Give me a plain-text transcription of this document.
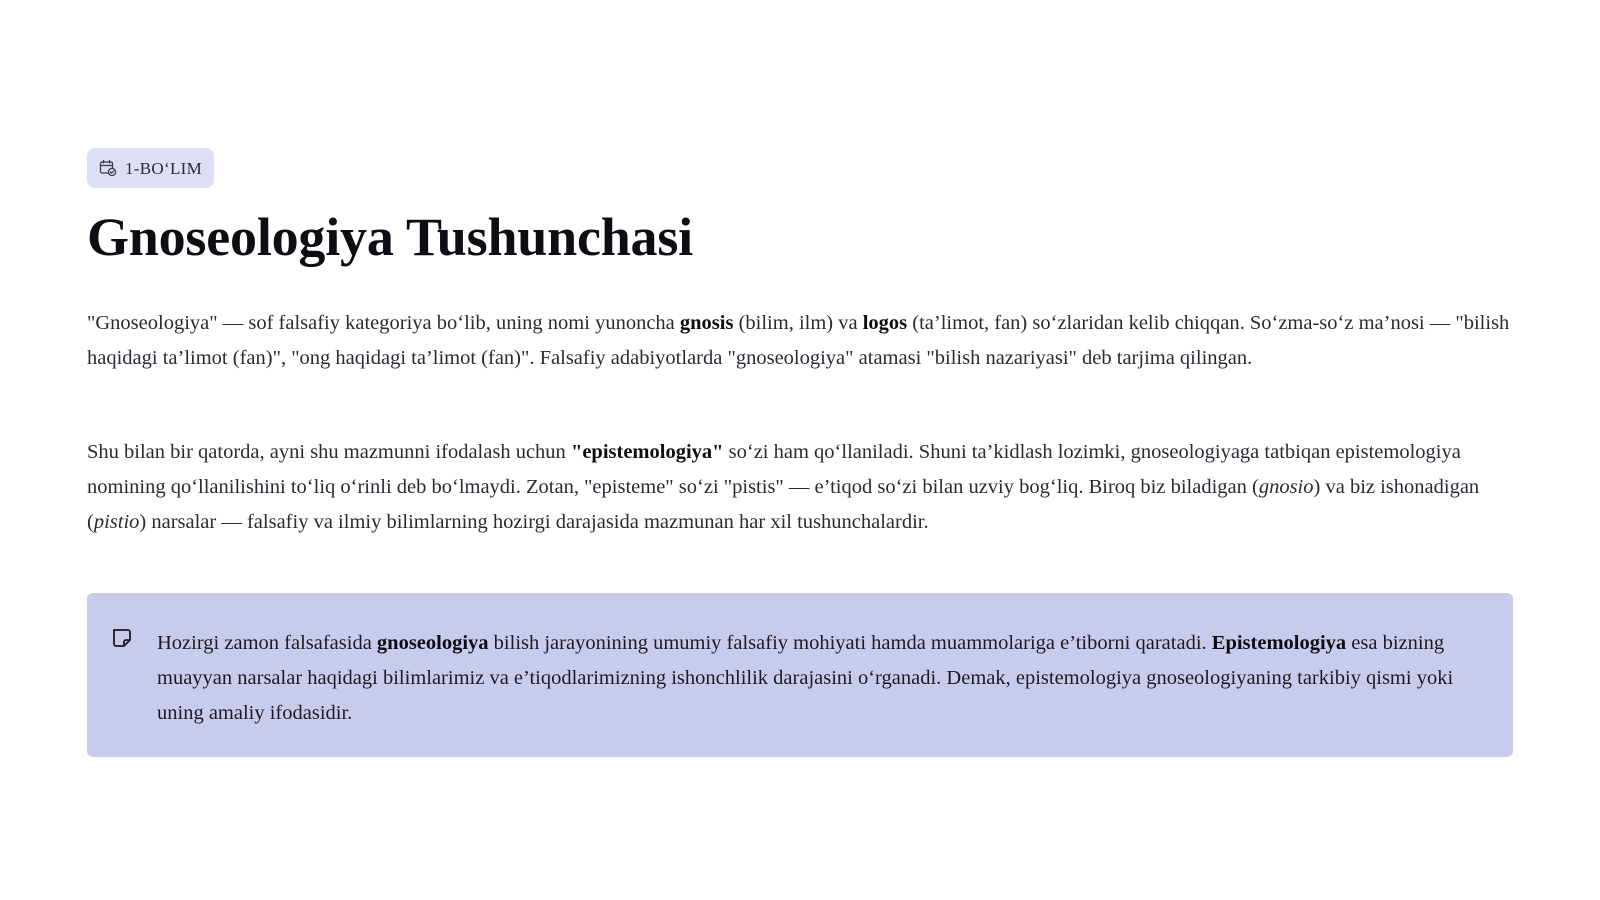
1-BO‘LIM
Gnoseologiya Tushunchasi

"Gnoseologiya" — sof falsafiy kategoriya bo‘lib, uning nomi yunoncha gnosis (bilim, ilm) va logos (ta’limot, fan) so‘zlaridan kelib chiqqan. So‘zma-so‘z ma’nosi — "bilish haqidagi ta’limot (fan)", "ong haqidagi ta’limot (fan)". Falsafiy adabiyotlarda "gnoseologiya" atamasi "bilish nazariyasi" deb tarjima qilingan.

Shu bilan bir qatorda, ayni shu mazmunni ifodalash uchun "epistemologiya" so‘zi ham qo‘llaniladi. Shuni ta’kidlash lozimki, gnoseologiyaga tatbiqan epistemologiya nomining qo‘llanilishini to‘liq o‘rinli deb bo‘lmaydi. Zotan, "episteme" so‘zi "pistis" — e’tiqod so‘zi bilan uzviy bog‘liq. Biroq biz biladigan (gnosio) va biz ishonadigan (pistio) narsalar — falsafiy va ilmiy bilimlarning hozirgi darajasida mazmunan har xil tushunchalardir.

Hozirgi zamon falsafasida gnoseologiya bilish jarayonining umumiy falsafiy mohiyati hamda muammolariga e’tiborni qaratadi. Epistemologiya esa bizning muayyan narsalar haqidagi bilimlarimiz va e’tiqodlarimizning ishonchlilik darajasini o‘rganadi. Demak, epistemologiya gnoseologiyaning tarkibiy qismi yoki uning amaliy ifodasidir.
